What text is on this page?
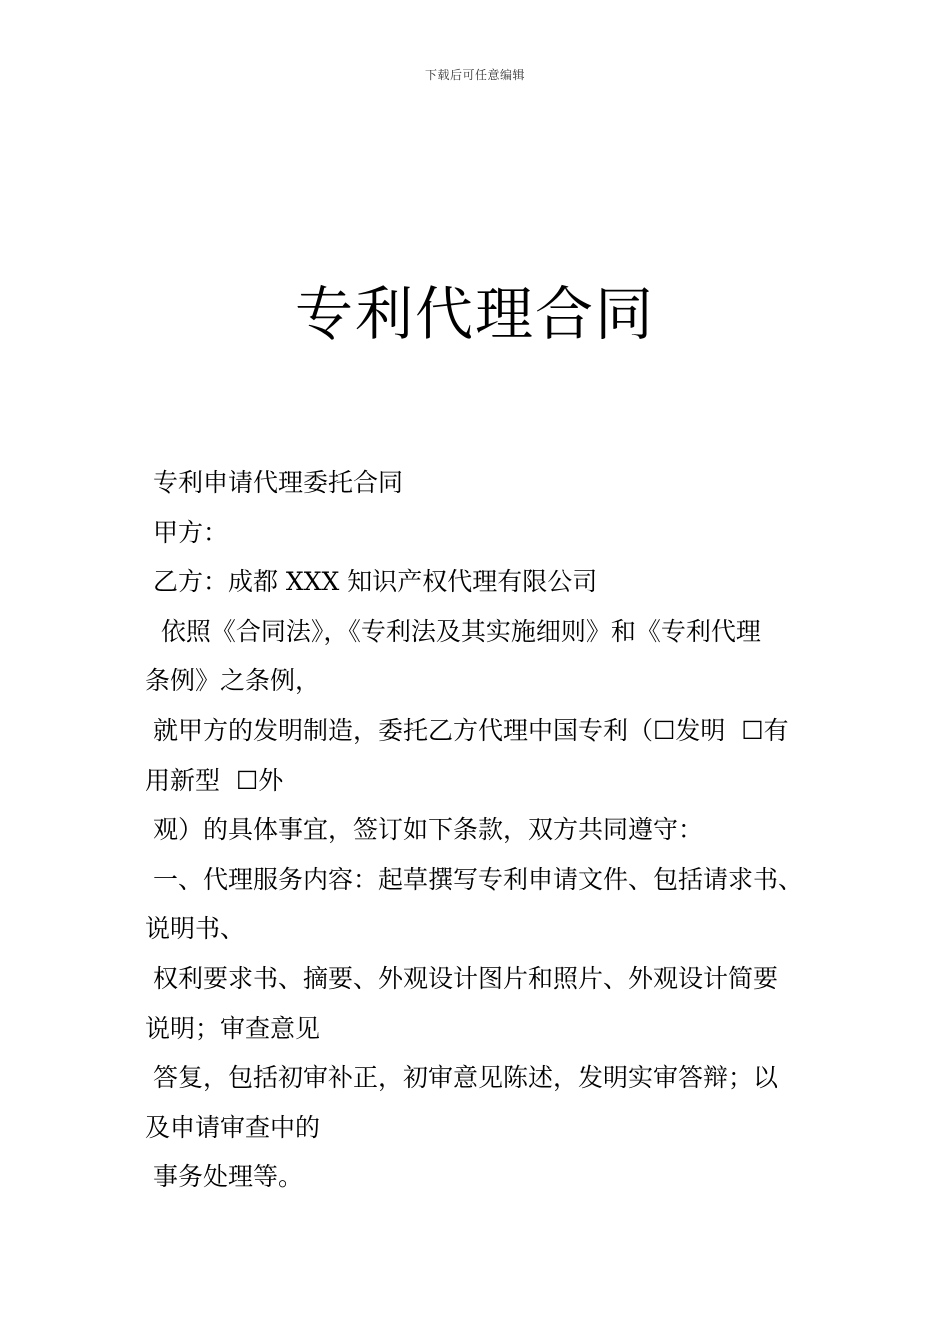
下载后可任意编辑
专利代理合同
专利申请代理委托合同
甲方：
乙方：成都 XXX 知识产权代理有限公司
依照《合同法》，《专利法及其实施细则》和《专利代理
条例》之条例，
就甲方的发明制造，委托乙方代理中国专利（☐发明  ☐有
用新型  ☐外
观）的具体事宜，签订如下条款，双方共同遵守：
一、代理服务内容：起草撰写专利申请文件、包括请求书、
说明书、
权利要求书、摘要、外观设计图片和照片、外观设计简要
说明；审查意见
答复，包括初审补正，初审意见陈述，发明实审答辩；以
及申请审查中的
事务处理等。
